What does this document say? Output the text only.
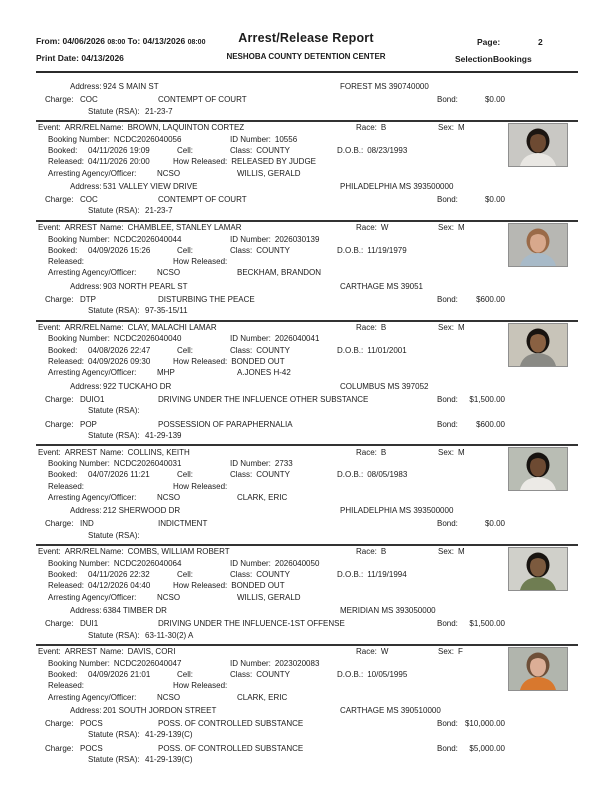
From: 04/06/2026 08:00 To: 04/13/2026 08:00
Print Date: 04/13/2026
Arrest/Release Report
NESHOBA COUNTY DETENTION CENTER
Page:	2
Selection:
Bookings
Address: 924 S MAIN ST	FOREST MS 390740000
Charge: COC	CONTEMPT OF COURT	Bond:	$0.00
Statute (RSA): 21-23-7
Event: ARR/REL Name: BROWN, LAQUINTON CORTEZ	Race: B	Sex: M
Booking Number: NCDC2026040056	ID Number: 10556
Booked: 04/11/2026 19:09	Cell:	Class: COUNTY	D.O.B.: 08/23/1993
Released: 04/11/2026 20:00	How Released: RELEASED BY JUDGE
Arresting Agency/Officer:	NCSO	WILLIS, GERALD
Address: 531 VALLEY VIEW DRIVE	PHILADELPHIA MS 393500000
Charge: COC	CONTEMPT OF COURT	Bond:	$0.00
Statute (RSA): 21-23-7
Event: ARREST Name: CHAMBLEE, STANLEY LAMAR	Race: W	Sex: M
Booking Number: NCDC2026040044	ID Number: 2026030139
Booked: 04/09/2026 15:26	Cell:	Class: COUNTY	D.O.B.: 11/19/1979
Released:	How Released:
Arresting Agency/Officer:	NCSO	BECKHAM, BRANDON
Address: 903 NORTH PEARL ST	CARTHAGE MS 39051
Charge: DTP	DISTURBING THE PEACE	Bond:	$600.00
Statute (RSA): 97-35-15/11
Event: ARR/REL Name: CLAY, MALACHI LAMAR	Race: B	Sex: M
Booking Number: NCDC2026040040	ID Number: 2026040041
Booked: 04/08/2026 22:47	Cell:	Class: COUNTY	D.O.B.: 11/01/2001
Released: 04/09/2026 09:30	How Released: BONDED OUT
Arresting Agency/Officer:	MHP	A.JONES H-42
Address: 922 TUCKAHO DR	COLUMBUS MS 397052
Charge: DUIO1	DRIVING UNDER THE INFLUENCE OTHER SUBSTANCE	Bond:	$1,500.00
Statute (RSA):
Charge: POP	POSSESSION OF PARAPHERNALIA	Bond:	$600.00
Statute (RSA): 41-29-139
Event: ARREST Name: COLLINS, KEITH	Race: B	Sex: M
Booking Number: NCDC2026040031	ID Number: 2733
Booked: 04/07/2026 11:21	Cell:	Class: COUNTY	D.O.B.: 08/05/1983
Released:	How Released:
Arresting Agency/Officer:	NCSO	CLARK, ERIC
Address: 212 SHERWOOD DR	PHILADELPHIA MS 393500000
Charge: IND	INDICTMENT	Bond:	$0.00
Statute (RSA):
Event: ARR/REL Name: COMBS, WILLIAM ROBERT	Race: B	Sex: M
Booking Number: NCDC2026040064	ID Number: 2026040050
Booked: 04/11/2026 22:32	Cell:	Class: COUNTY	D.O.B.: 11/19/1994
Released: 04/12/2026 04:40	How Released: BONDED OUT
Arresting Agency/Officer:	NCSO	WILLIS, GERALD
Address: 6384 TIMBER DR	MERIDIAN MS 393050000
Charge: DUI1	DRIVING UNDER THE INFLUENCE-1ST OFFENSE	Bond:	$1,500.00
Statute (RSA): 63-11-30(2) A
Event: ARREST Name: DAVIS, CORI	Race: W	Sex: F
Booking Number: NCDC2026040047	ID Number: 2023020083
Booked: 04/09/2026 21:01	Cell:	Class: COUNTY	D.O.B.: 10/05/1995
Released:	How Released:
Arresting Agency/Officer:	NCSO	CLARK, ERIC
Address: 201 SOUTH JORDON STREET	CARTHAGE MS 390510000
Charge: POCS	POSS. OF CONTROLLED SUBSTANCE	Bond: $10,000.00
Statute (RSA): 41-29-139(C)
Charge: POCS	POSS. OF CONTROLLED SUBSTANCE	Bond:	$5,000.00
Statute (RSA): 41-29-139(C)
